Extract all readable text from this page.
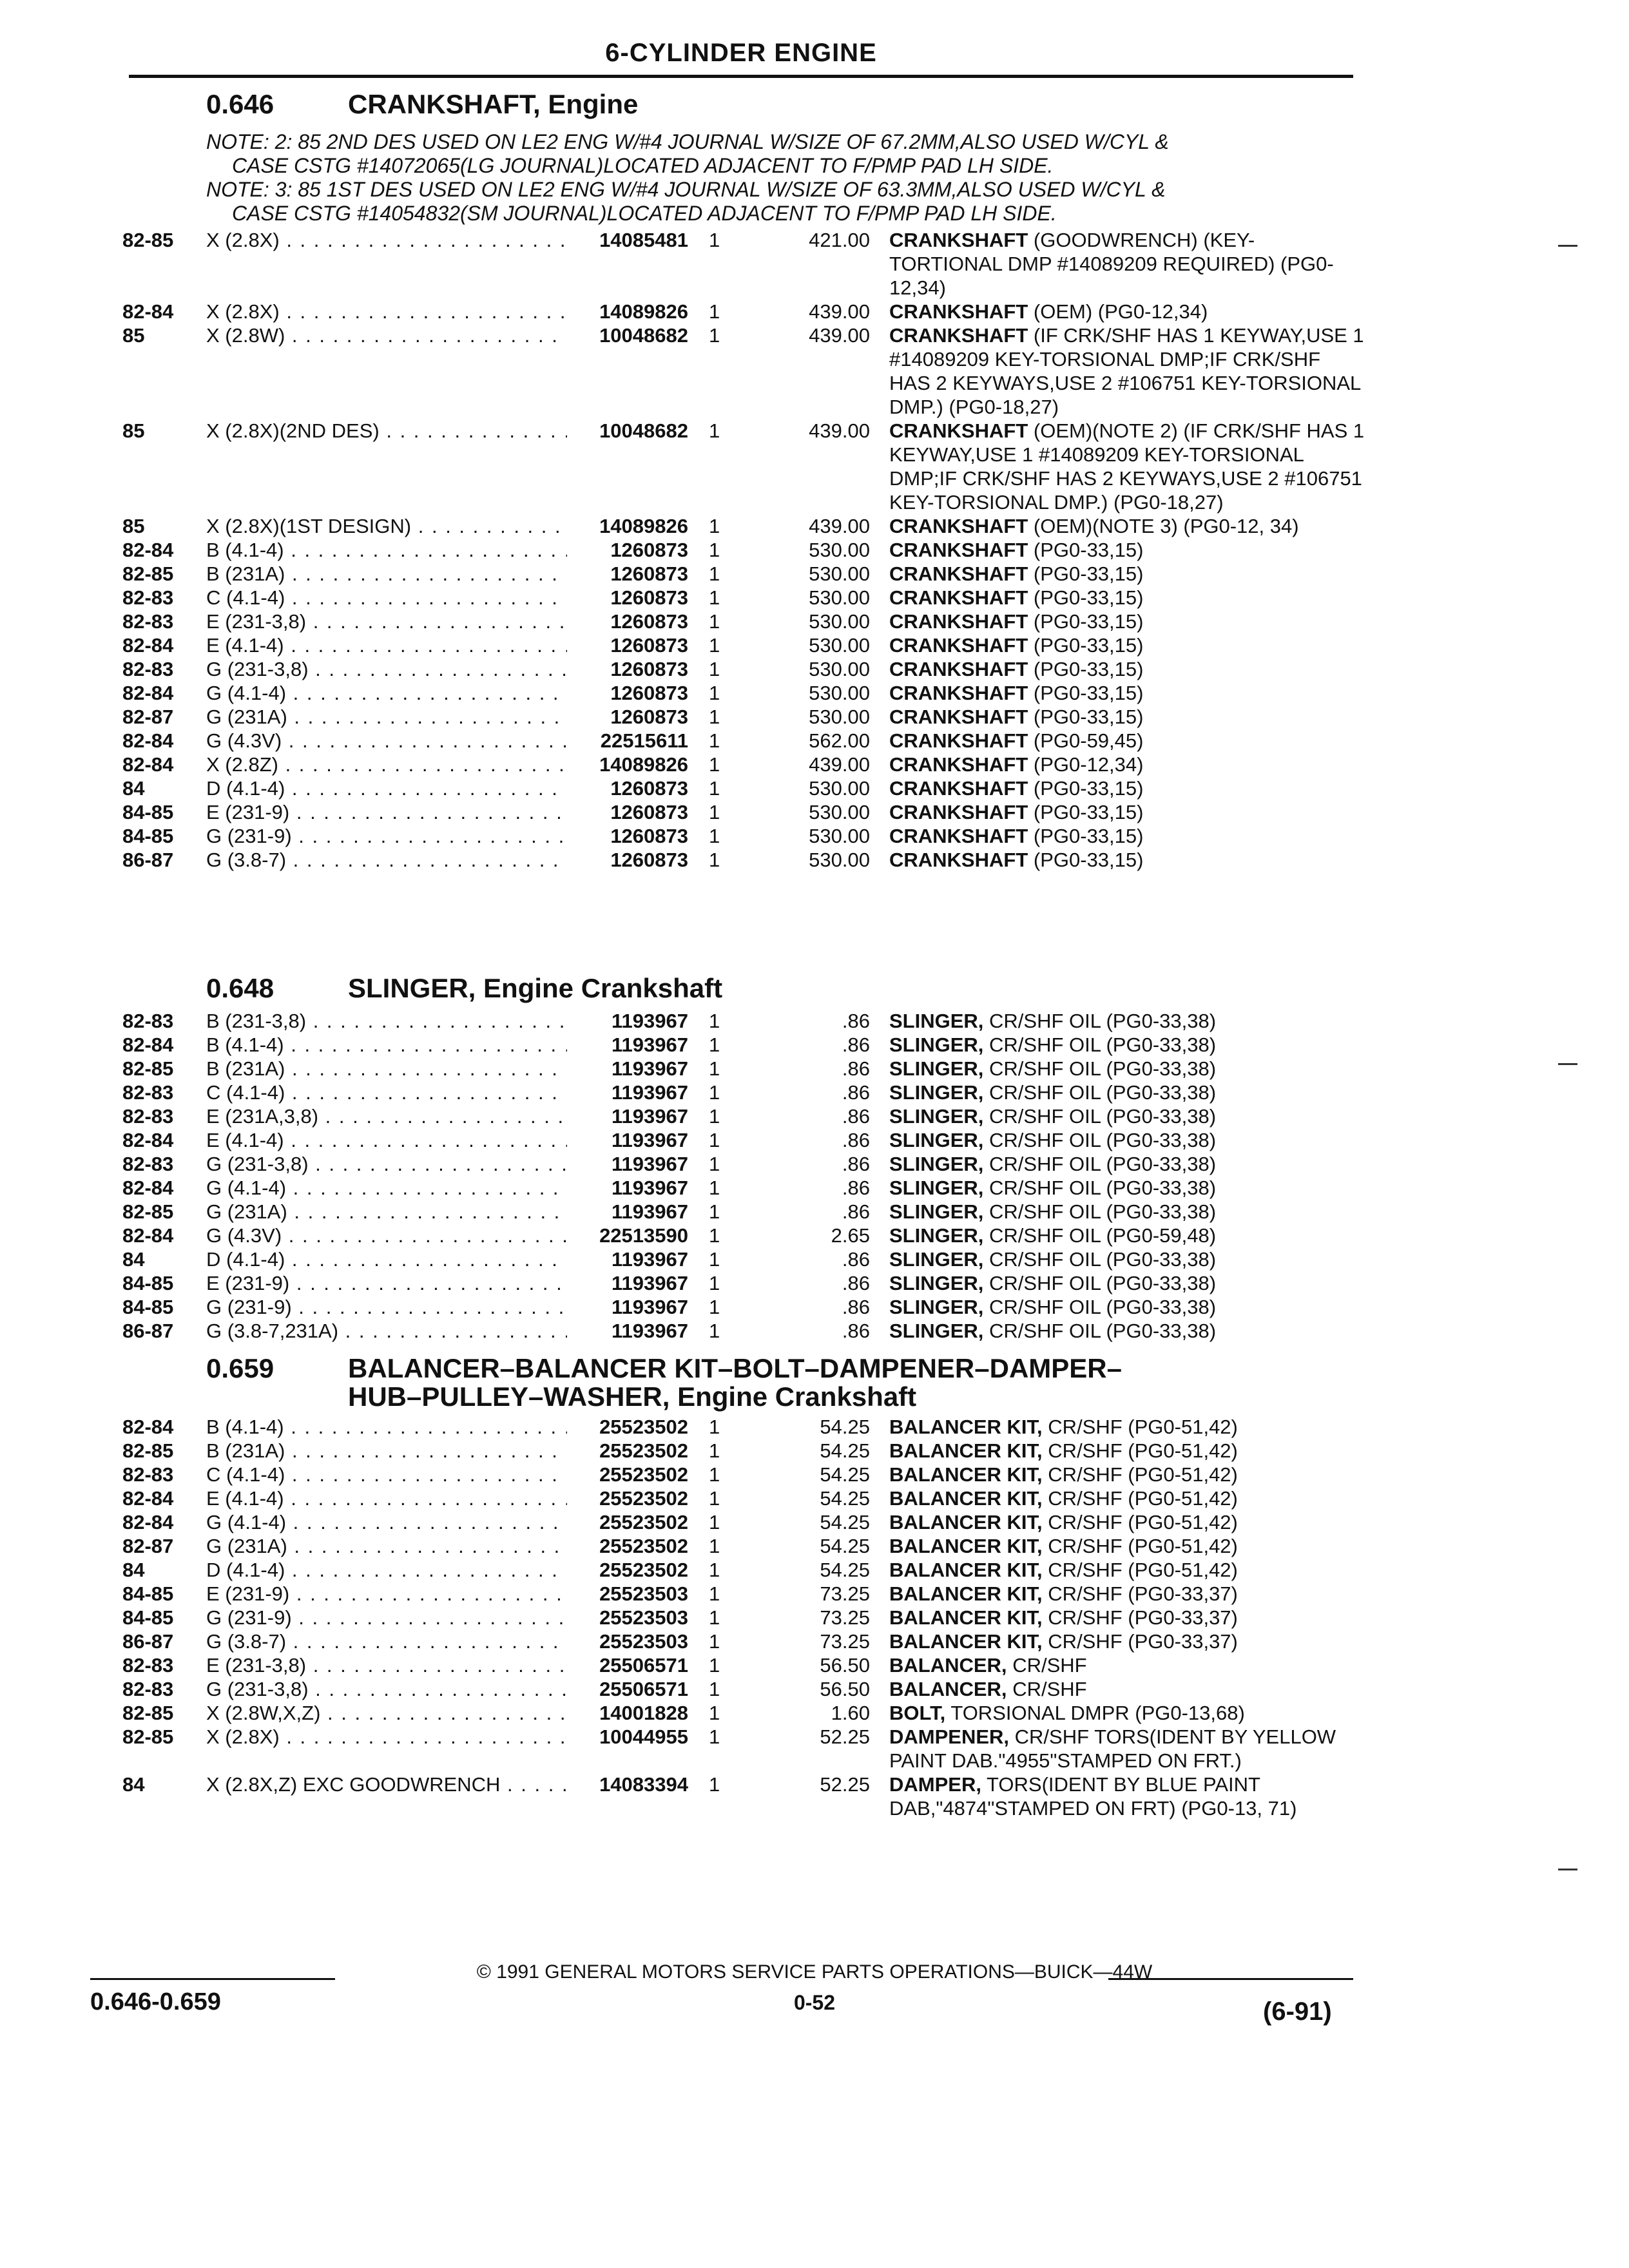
6-CYLINDER ENGINE
0.646	CRANKSHAFT, Engine
NOTE: 2: 85 2ND DES USED ON LE2 ENG W/#4 JOURNAL W/SIZE OF 67.2MM,ALSO USED W/CYL &
CASE CSTG #14072065(LG JOURNAL)LOCATED ADJACENT TO F/PMP PAD LH SIDE.
NOTE: 3: 85 1ST DES USED ON LE2 ENG W/#4 JOURNAL W/SIZE OF 63.3MM,ALSO USED W/CYL &
CASE CSTG #14054832(SM JOURNAL)LOCATED ADJACENT TO F/PMP PAD LH SIDE.
82-85 X (2.8X) . . .	14085481 1	421.00 CRANKSHAFT (GOODWRENCH) (KEY-TORTIONAL DMP #14089209 REQUIRED) (PG0-12,34)
82-84 X (2.8X) . . .	14089826 1	439.00 CRANKSHAFT (OEM) (PG0-12,34)
85	X (2.8W) . . .	10048682 1	439.00 CRANKSHAFT (IF CRK/SHF HAS 1 KEYWAY,USE 1 #14089209 KEY-TORSIONAL DMP;IF CRK/SHF HAS 2 KEYWAYS,USE 2 #106751 KEY-TORSIONAL DMP.) (PG0-18,27)
85	X (2.8X)(2ND DES) . . .	10048682 1	439.00 CRANKSHAFT (OEM)(NOTE 2) (IF CRK/SHF HAS 1 KEYWAY,USE 1 #14089209 KEY-TORSIONAL DMP;IF CRK/SHF HAS 2 KEYWAYS,USE 2 #106751 KEY-TORSIONAL DMP.) (PG0-18,27)
85	X (2.8X)(1ST DESIGN) . . .	14089826 1	439.00 CRANKSHAFT (OEM)(NOTE 3) (PG0-12, 34)
82-84 B (4.1-4) . . .	1260873 1	530.00 CRANKSHAFT (PG0-33,15)
82-85 B (231A) . . .	1260873 1	530.00 CRANKSHAFT (PG0-33,15)
82-83 C (4.1-4) . . .	1260873 1	530.00 CRANKSHAFT (PG0-33,15)
82-83 E (231-3,8) . . .	1260873 1	530.00 CRANKSHAFT (PG0-33,15)
82-84 E (4.1-4) . . .	1260873 1	530.00 CRANKSHAFT (PG0-33,15)
82-83 G (231-3,8) . . .	1260873 1	530.00 CRANKSHAFT (PG0-33,15)
82-84 G (4.1-4) . . .	1260873 1	530.00 CRANKSHAFT (PG0-33,15)
82-87 G (231A) . . .	1260873 1	530.00 CRANKSHAFT (PG0-33,15)
82-84 G (4.3V) . . .	22515611 1	562.00 CRANKSHAFT (PG0-59,45)
82-84 X (2.8Z) . . .	14089826 1	439.00 CRANKSHAFT (PG0-12,34)
84	D (4.1-4) . . .	1260873 1	530.00 CRANKSHAFT (PG0-33,15)
84-85 E (231-9) . . .	1260873 1	530.00 CRANKSHAFT (PG0-33,15)
84-85 G (231-9) . . .	1260873 1	530.00 CRANKSHAFT (PG0-33,15)
86-87 G (3.8-7) . . .	1260873 1	530.00 CRANKSHAFT (PG0-33,15)
0.648	SLINGER, Engine Crankshaft
82-83 B (231-3,8) . . .	1193967 1	.86 SLINGER, CR/SHF OIL (PG0-33,38)
82-84 B (4.1-4) . . .	1193967 1	.86 SLINGER, CR/SHF OIL (PG0-33,38)
82-85 B (231A) . . .	1193967 1	.86 SLINGER, CR/SHF OIL (PG0-33,38)
82-83 C (4.1-4) . . .	1193967 1	.86 SLINGER, CR/SHF OIL (PG0-33,38)
82-83 E (231A,3,8) . . .	1193967 1	.86 SLINGER, CR/SHF OIL (PG0-33,38)
82-84 E (4.1-4) . . .	1193967 1	.86 SLINGER, CR/SHF OIL (PG0-33,38)
82-83 G (231-3,8) . . .	1193967 1	.86 SLINGER, CR/SHF OIL (PG0-33,38)
82-84 G (4.1-4) . . .	1193967 1	.86 SLINGER, CR/SHF OIL (PG0-33,38)
82-85 G (231A) . . .	1193967 1	.86 SLINGER, CR/SHF OIL (PG0-33,38)
82-84 G (4.3V) . . .	22513590 1	2.65 SLINGER, CR/SHF OIL (PG0-59,48)
84	D (4.1-4) . . .	1193967 1	.86 SLINGER, CR/SHF OIL (PG0-33,38)
84-85 E (231-9) . . .	1193967 1	.86 SLINGER, CR/SHF OIL (PG0-33,38)
84-85 G (231-9) . . .	1193967 1	.86 SLINGER, CR/SHF OIL (PG0-33,38)
86-87 G (3.8-7,231A) . . .	1193967 1	.86 SLINGER, CR/SHF OIL (PG0-33,38)
0.659	BALANCER–BALANCER KIT–BOLT–DAMPENER–DAMPER–
HUB–PULLEY–WASHER, Engine Crankshaft
82-84 B (4.1-4) . . .	25523502 1	54.25 BALANCER KIT, CR/SHF (PG0-51,42)
82-85 B (231A) . . .	25523502 1	54.25 BALANCER KIT, CR/SHF (PG0-51,42)
82-83 C (4.1-4) . . .	25523502 1	54.25 BALANCER KIT, CR/SHF (PG0-51,42)
82-84 E (4.1-4) . . .	25523502 1	54.25 BALANCER KIT, CR/SHF (PG0-51,42)
82-84 G (4.1-4) . . .	25523502 1	54.25 BALANCER KIT, CR/SHF (PG0-51,42)
82-87 G (231A) . . .	25523502 1	54.25 BALANCER KIT, CR/SHF (PG0-51,42)
84	D (4.1-4) . . .	25523502 1	54.25 BALANCER KIT, CR/SHF (PG0-51,42)
84-85 E (231-9) . . .	25523503 1	73.25 BALANCER KIT, CR/SHF (PG0-33,37)
84-85 G (231-9) . . .	25523503 1	73.25 BALANCER KIT, CR/SHF (PG0-33,37)
86-87 G (3.8-7) . . .	25523503 1	73.25 BALANCER KIT, CR/SHF (PG0-33,37)
82-83 E (231-3,8) . . .	25506571 1	56.50 BALANCER, CR/SHF
82-83 G (231-3,8) . . .	25506571 1	56.50 BALANCER, CR/SHF
82-85 X (2.8W,X,Z) . . .	14001828 1	1.60 BOLT, TORSIONAL DMPR (PG0-13,68)
82-85 X (2.8X) . . .	10044955 1	52.25 DAMPENER, CR/SHF TORS(IDENT BY YELLOW PAINT DAB."4955"STAMPED ON FRT.)
84	X (2.8X,Z) EXC GOODWRENCH . . .	14083394 1	52.25 DAMPER, TORS(IDENT BY BLUE PAINT DAB,"4874"STAMPED ON FRT) (PG0-13, 71)
© 1991 GENERAL MOTORS SERVICE PARTS OPERATIONS—BUICK—44W
0.646-0.659	0-52	(6-91)
